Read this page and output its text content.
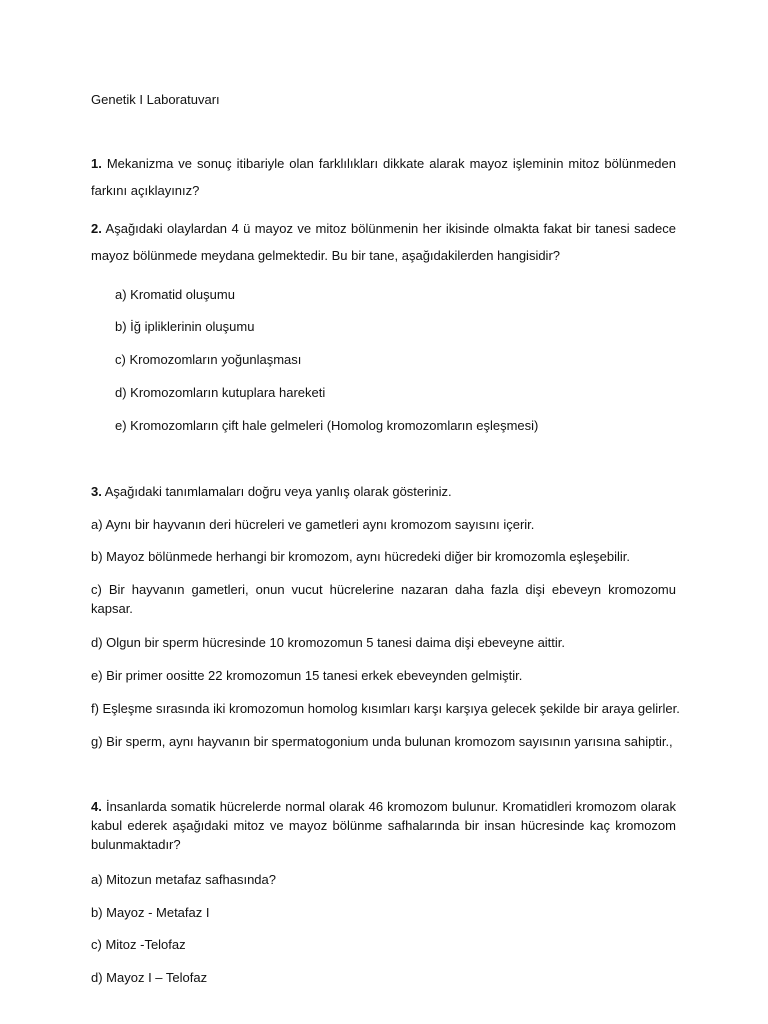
Genetik I Laboratuvarı
1. Mekanizma ve sonuç itibariyle olan farklılıkları dikkate alarak mayoz işleminin mitoz bölünmeden farkını açıklayınız?
2. Aşağıdaki olaylardan 4 ü mayoz ve mitoz bölünmenin her ikisinde olmakta fakat bir tanesi sadece mayoz bölünmede meydana gelmektedir. Bu bir tane, aşağıdakilerden hangisidir?
a) Kromatid oluşumu
b) İğ ipliklerinin oluşumu
c) Kromozomların yoğunlaşması
d) Kromozomların kutuplara hareketi
e) Kromozomların çift hale gelmeleri (Homolog kromozomların eşleşmesi)
3. Aşağıdaki tanımlamaları doğru veya yanlış olarak gösteriniz.
a) Aynı bir hayvanın deri hücreleri ve gametleri aynı kromozom sayısını içerir.
b) Mayoz bölünmede herhangi bir kromozom, aynı hücredeki diğer bir kromozomla eşleşebilir.
c) Bir hayvanın gametleri, onun vucut hücrelerine nazaran daha fazla dişi ebeveyn kromozomu kapsar.
d) Olgun bir sperm hücresinde 10 kromozomun 5 tanesi daima dişi ebeveyne aittir.
e) Bir primer oositte 22 kromozomun 15 tanesi erkek ebeveynden gelmiştir.
f) Eşleşme sırasında iki kromozomun homolog kısımları karşı karşıya gelecek şekilde bir araya gelirler.
g) Bir sperm, aynı hayvanın bir spermatogonium unda bulunan kromozom sayısının yarısına sahiptir.,
4. İnsanlarda somatik hücrelerde normal olarak 46 kromozom bulunur. Kromatidleri kromozom olarak kabul ederek aşağıdaki mitoz ve mayoz bölünme safhalarında bir insan hücresinde kaç kromozom bulunmaktadır?
a) Mitozun metafaz safhasında?
b) Mayoz - Metafaz I
c) Mitoz -Telofaz
d) Mayoz I – Telofaz
